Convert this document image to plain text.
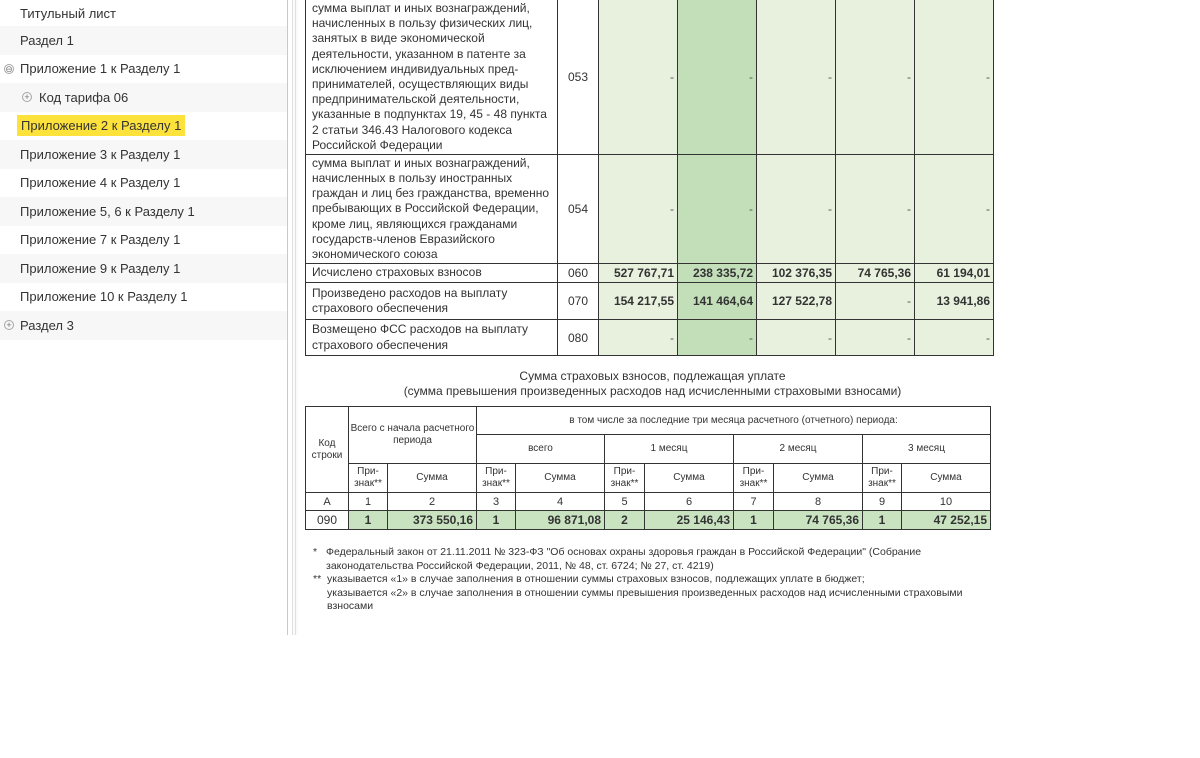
Титульный лист
Раздел 1
⊖ Приложение 1 к Разделу 1
+ Код тарифа 06
Приложение 2 к Разделу 1
Приложение 3 к Разделу 1
Приложение 4 к Разделу 1
Приложение 5, 6 к Разделу 1
Приложение 7 к Разделу 1
Приложение 9 к Разделу 1
Приложение 10 к Разделу 1
+ Раздел 3
сумма выплат и иных вознаграждений, начисленных в пользу физических лиц, занятых в виде экономической деятельности, указанном в патенте за исключением индивидуальных пред-принимателей, осуществляющих виды предпринимательской деятельности, указанные в подпунктах 19, 45 - 48 пункта 2 статьи 346.43 Налогового кодекса Российской Федерации	053	-	-	-	-	-
сумма выплат и иных вознаграждений, начисленных в пользу иностранных граждан и лиц без гражданства, временно пребывающих в Российской Федерации, кроме лиц, являющихся гражданами государств-членов Евразийского экономического союза	054	-	-	-	-	-
Исчислено страховых взносов	060	527 767,71	238 335,72	102 376,35	74 765,36	61 194,01
Произведено расходов на выплату страхового обеспечения	070	154 217,55	141 464,64	127 522,78	-	13 941,86
Возмещено ФСС расходов на выплату страхового обеспечения	080	-	-	-	-	-
Сумма страховых взносов, подлежащая уплате
(сумма превышения произведенных расходов над исчисленными страховыми взносами)
Код строки	Всего с начала расчетного периода		в том числе за последние три месяца расчетного (отчетного) периода:							
			всего		1 месяц		2 месяц		3 месяц	
	При-знак**	Сумма	При-знак**	Сумма	При-знак**	Сумма	При-знак**	Сумма	При-знак**	Сумма
А	1	2	3	4	5	6	7	8	9	10
090	1	373 550,16	1	96 871,08	2	25 146,43	1	74 765,36	1	47 252,15
* Федеральный закон от 21.11.2011 № 323-ФЗ "Об основах охраны здоровья граждан в Российской Федерации" (Собрание законодательства Российской Федерации, 2011, № 48, ст. 6724; № 27, ст. 4219)
** указывается «1» в случае заполнения в отношении суммы страховых взносов, подлежащих уплате в бюджет;
указывается «2» в случае заполнения в отношении суммы превышения произведенных расходов над исчисленными страховыми взносами
